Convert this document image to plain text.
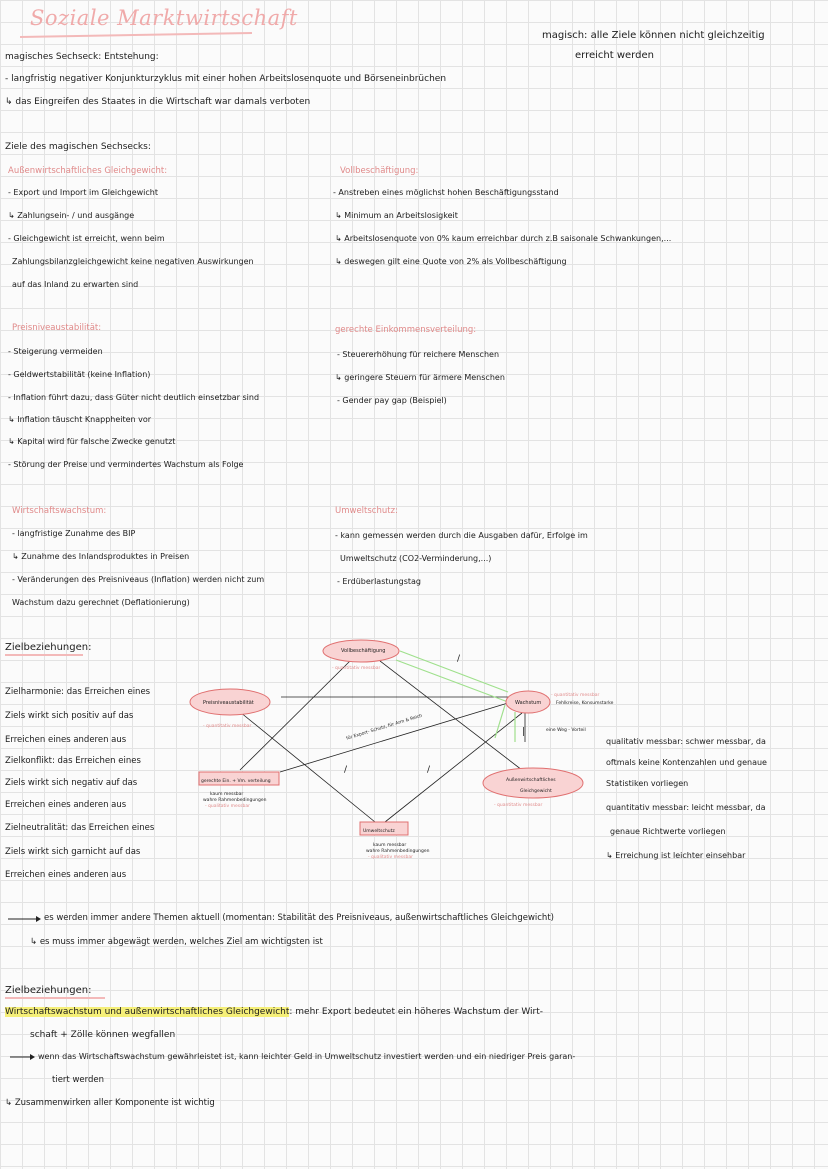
Soziale Marktwirtschaft
magisch: alle Ziele können nicht gleichzeitig
erreicht werden
magisches Sechseck: Entstehung:
- langfristig negativer Konjunkturzyklus mit einer hohen Arbeitslosenquote und Börseneinbrüchen
↳ das Eingreifen des Staates in die Wirtschaft war damals verboten
Ziele des magischen Sechsecks:
Außenwirtschaftliches Gleichgewicht:
- Export und Import im Gleichgewicht
↳ Zahlungsein- / und ausgänge
- Gleichgewicht ist erreicht, wenn beim
Zahlungsbilanzgleichgewicht keine negativen Auswirkungen
auf das Inland zu erwarten sind
Vollbeschäftigung:
- Anstreben eines möglichst hohen Beschäftigungsstand
↳ Minimum an Arbeitslosigkeit
↳ Arbeitslosenquote von 0% kaum erreichbar durch z.B saisonale Schwankungen,...
↳ deswegen gilt eine Quote von 2% als Vollbeschäftigung
Preisniveaustabilität:
- Steigerung vermeiden
- Geldwertstabilität (keine Inflation)
- Inflation führt dazu, dass Güter nicht deutlich einsetzbar sind
↳ Inflation täuscht Knappheiten vor
↳ Kapital wird für falsche Zwecke genutzt
- Störung der Preise und vermindertes Wachstum als Folge
gerechte Einkommensverteilung:
- Steuererhöhung für reichere Menschen
↳ geringere Steuern für ärmere Menschen
- Gender pay gap (Beispiel)
Wirtschaftswachstum:
- langfristige Zunahme des BIP
↳ Zunahme des Inlandsproduktes in Preisen
- Veränderungen des Preisniveaus (Inflation) werden nicht zum
Wachstum dazu gerechnet (Deflationierung)
Umweltschutz:
- kann gemessen werden durch die Ausgaben dafür, Erfolge im
Umweltschutz (CO2-Verminderung,...)
- Erdüberlastungstag
Zielbeziehungen:
Zielharmonie: das Erreichen eines
Ziels wirkt sich positiv auf das
Erreichen eines anderen aus
Zielkonflikt: das Erreichen eines
Ziels wirkt sich negativ auf das
Erreichen eines anderen aus
Zielneutralität: das Erreichen eines
Ziels wirkt sich garnicht auf das
Erreichen eines anderen aus
Vollbeschäftigung
- quantitativ messbar
Preisniveaustabilität
- quantitativ messbar
Wachstum
- quantitativ messbar
Fehlkreise, Konsumstarke
gerechte Ein. + Vm. verteilung
kaum messbar
wahre Rahmenbedingungen
- qualitativ messbar
Außenwirtschaftliches
Gleichgewicht
- quantitativ messbar
Umweltschutz
kaum messbar
wahre Rahmenbedingungen
- qualitativ messbar
für Export- Schutz, für Arm & Reich	eine Weg - Vorteil
/
/	/
|
qualitativ messbar: schwer messbar, da
oftmals keine Kontenzahlen und genaue
Statistiken vorliegen
quantitativ messbar: leicht messbar, da
genaue Richtwerte vorliegen
↳ Erreichung ist leichter einsehbar
es werden immer andere Themen aktuell (momentan: Stabilität des Preisniveaus, außenwirtschaftliches Gleichgewicht)
↳ es muss immer abgewägt werden, welches Ziel am wichtigsten ist
Zielbeziehungen:
Wirtschaftswachstum und außenwirtschaftliches Gleichgewicht: mehr Export bedeutet ein höheres Wachstum der Wirt-
schaft + Zölle können wegfallen
wenn das Wirtschaftswachstum gewährleistet ist, kann leichter Geld in Umweltschutz investiert werden und ein niedriger Preis garan-
tiert werden
↳ Zusammenwirken aller Komponente ist wichtig
